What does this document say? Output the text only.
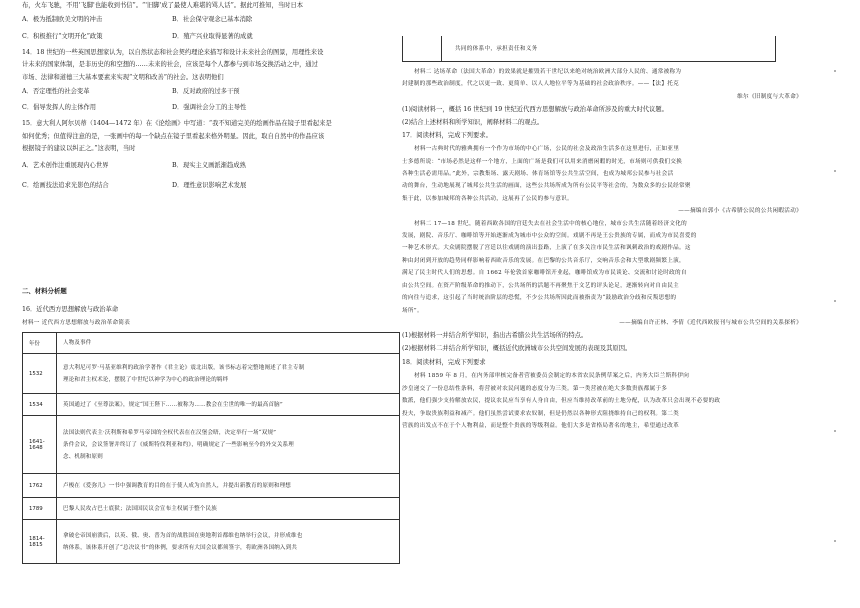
布，火车飞驰，不用'飞脚'也能收到书信”。“'旧脚'成了最使人难堪的骂人话”。据此可推知，当时日本
A．极为抵制欧美文明的冲击	B．社会保守观念已基本消除
C．积极推行“文明开化”政策	D．殖产兴业取得显著的成就
14．18 世纪的一些英国思想家认为，以自然状态和社会契约理论来描写和设计未来社会的图景，用理性来设
计未来的国家体制，是非历史的和空想的……未来的社会，应该是每个人都参与到市场交换活动之中，通过
市场、法律和道德三大基本要素来实现“文明和改善”的社会。这表明他们
A．否定理性的社会变革	B．反对政府的过多干预
C．倡导发挥人的主体作用	D．强调社会分工的主导性
15．意大利人阿尔贝蒂（1404—1472 年）在《论绘画》中写道：“我不知道完美的绘画作品在镜子里看起来是
如何优秀；但值得注意的是，一张画中的每一个缺点在镜子里看起来格外明显。因此，取自自然中的作品应该
根据镜子的建议以纠正之。”这表明，当时
A．艺术创作注重展现内心世界	B．现实主义画派渐趋成熟
C．绘画技法追求光影色的结合	D．理性意识影响艺术发展
二、材料分析题
16．近代西方思想解放与政治革命
材料一 近代西方思想解放与政治革命简表
年份	人物及事件
1532	意大利尼可罗·马基亚维利的政治学著作《君主论》震北出版，该书标志着完整地阐述了君主专制
理论和君主权术论，摆脱了中世纪以神学为中心的政治理论的羁绊

1534	英国通过了《至尊法案》，规定“国王陛下……被称为……教会在尘世的唯一的最高首脑”

1641-1648	法国法则代表主·沃利斯和希罗马帝国的全权代表在在汉堡会晤，决定举行一场“双规”
条件会议，会议签署并终订了《威斯特伐利亚和约》，明确规定了一些影响至今的外交关系理
念、机制和原则

1762	卢梭在《爱弥儿》一书中强调教育的目的在于使人成为自然人，并提出新教育的原则和理想

1789	巴黎人民攻占巴士底狱；法国国民议会宣布主权属于整个民族

1814-1815	拿破仑帝国崩溃后，以英、俄、奥、普为首的战胜国在奥地利首都维也纳举行会议，并形成维也
纳体系，该体系开创了“总决议书”的体例，要求所有大国会议都须签字，将欧洲各国纳入到共
共同的体系中，承担责任和义务
材料二 达场革命（法国大革命）的效果就是摧毁若干世纪以来绝对统治欧洲大部分人民的、通常被称为
封建制的那些政治制度，代之以更一致、更简单、以人人地位平等为基础的社会政治秩序。——【法】托克
维尔《旧制度与大革命》
(1)阅读材料一，概括 16 世纪到 19 世纪近代西方思想解放与政治革命所涉及的重大时代议题。
(2)结合上述材料和所学知识，阐释材料二的观点。
17．阅读材料，完成下列要求。
材料一古典时代的雅典拥有一个作为市场的中心广场，公民的社会及政治生活多在这里进行，正如亚里
士多德所说：“市场必然是这样一个地方，上面的广场是我们可以用来消磨闲暇的时光，市场则可供我们交换
各种生活必需用品。”此外，宗教集场、露天剧场、体育场馆等公共生活空间，也成为城邦公民参与社会活
动的舞台，生动地展现了城邦公共生活的画面，这些公共场所成为所有公民平等社会的，为数众多的公民经常聚
集于此，以参加城邦的各种公共活动，这展再了公民的参与意识。
——摘编自郭小《古希腊公民的公共闲暇活动》
材料二 17—18 世纪，随着西欧各国的宫廷失去在社会生活中的核心地位，城市公共生活随着经济文化的
发展，剧院、音乐厅、咖啡馆等开始逐渐成为城市中公众的空间。戏剧不再是王公贵族的专属，而成为市民喜爱的
一种艺术形式。大众剧院摆脱了宫廷以往戏剧的演出套路，上演了在多关注市民生活和讽刺政治的戏剧作品。这
种由封闭到开放的趋势同样影响着西欧音乐的发展。在巴黎的公共音乐厅，交响音乐会和大型歌剧频繁上演，
满足了民主时代人们的思想。自 1662 年伦敦首家咖啡馆开业起，咖啡馆成为市民谈论、交流和讨论时政的自
由公共空间。在资产阶级革命的推动下，公共场所的活题不再聚焦于文艺的评头论足，逐渐转向对自由民主
的向往与追求，这引起了当时统治阶层的恐慌，不少公共场所因此而被指责为“鼓励政治分歧和反叛思想的
场所”。
——摘编自许正林、李倩《近代西欧报刊与城市公共空间的关系探析》
(1)根据材料一并结合所学知识，指出古希腊公共生活场所的特点。
(2)根据材料二并结合所学知识，概括近代欧洲城市公共空间发展的表现及其原因。
18．阅读材料，完成下列要求
材料 1859 年 8 月，在内务部审核完备者营被委员会制定的本省农民条例草案之后，内务大臣兰斯科伊向
沙皇递交了一份总结性条料，将营被对农民问题的态度分为三类。第一类营被在绝大多数贵族都属于多
数派，他们强少支持解放农民，提议农民应当享有人身自由，但应当维持改革前的土地分配，认为改革只会出现不必要的政
投夫，争取贵族利益和减产。他们虽然尝试要求农奴制，但是仍然以各种形式阻挠维持自己的权利。第二类
营族的出发点不在于个人物利益，而是整个贵族的等级利益。他们大多是省格局著名的地主，希望通过改革
